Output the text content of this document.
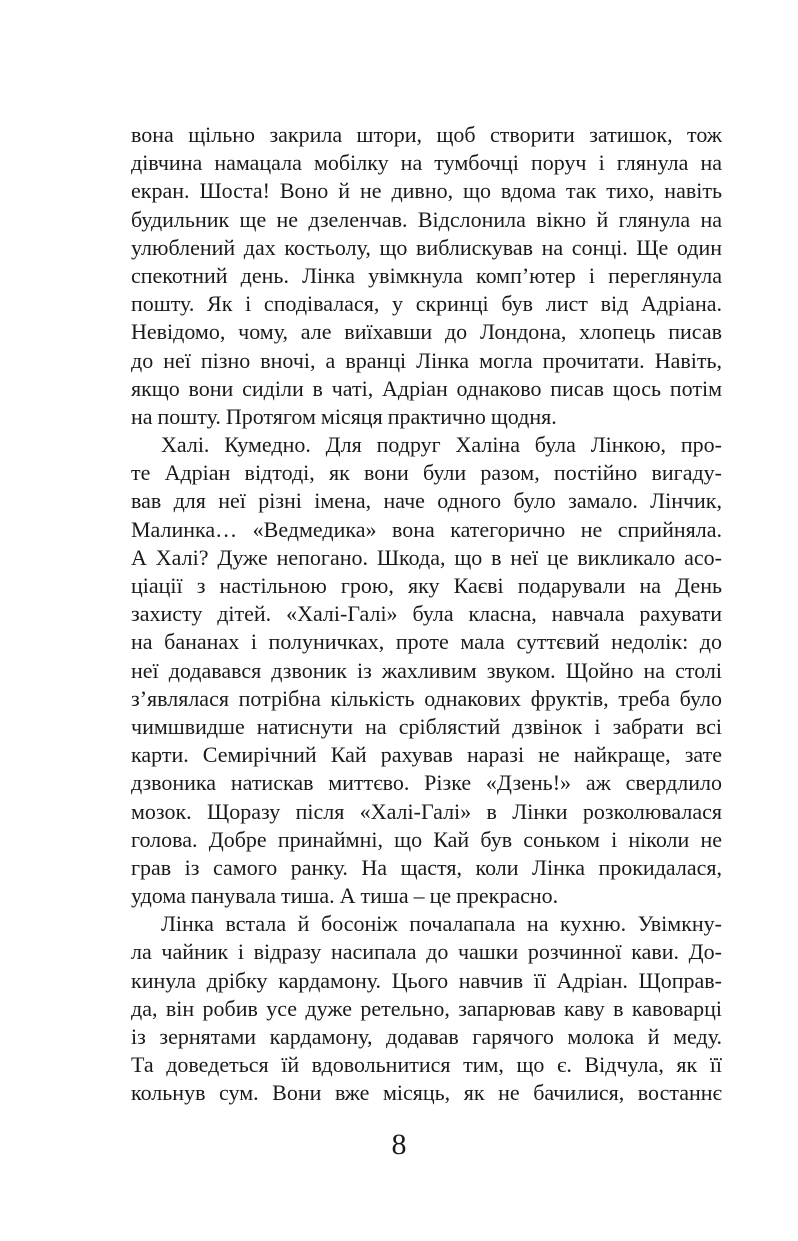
вона щільно закрила штори, щоб створити затишок, тож
дівчина намацала мобілку на тумбочці поруч і глянула на
екран. Шоста! Воно й не дивно, що вдома так тихо, навіть
будильник ще не дзеленчав. Відслонила вікно й глянула на
улюблений дах костьолу, що виблискував на сонці. Ще один
спекотний день. Лінка увімкнула комп’ютер і переглянула
пошту. Як і сподівалася, у скринці був лист від Адріана.
Невідомо, чому, але виїхавши до Лондона, хлопець писав
до неї пізно вночі, а вранці Лінка могла прочитати. Навіть,
якщо вони сиділи в чаті, Адріан однаково писав щось потім
на пошту. Протягом місяця практично щодня.
Халі. Кумедно. Для подруг Халіна була Лінкою, про-
те Адріан відтоді, як вони були разом, постійно вигаду-
вав для неї різні імена, наче одного було замало. Лінчик,
Малинка… «Ведмедика» вона категорично не сприйняла.
А Халі? Дуже непогано. Шкода, що в неї це викликало асо-
ціації з настільною грою, яку Каєві подарували на День
захисту дітей. «Халі-Галі» була класна, навчала рахувати
на бананах і полуничках, проте мала суттєвий недолік: до
неї додавався дзвоник із жахливим звуком. Щойно на столі
з’являлася потрібна кількість однакових фруктів, треба було
чимшвидше натиснути на сріблястий дзвінок і забрати всі
карти. Семирічний Кай рахував наразі не найкраще, зате
дзвоника натискав миттєво. Різке «Дзень!» аж свердлило
мозок. Щоразу після «Халі-Галі» в Лінки розколювалася
голова. Добре принаймні, що Кай був соньком і ніколи не
грав із самого ранку. На щастя, коли Лінка прокидалася,
удома панувала тиша. А тиша – це прекрасно.
Лінка встала й босоніж почалапала на кухню. Увімкну-
ла чайник і відразу насипала до чашки розчинної кави. До-
кинула дрібку кардамону. Цього навчив її Адріан. Щоправ-
да, він робив усе дуже ретельно, запарював каву в кавоварці
із зернятами кардамону, додавав гарячого молока й меду.
Та доведеться їй вдовольнитися тим, що є. Відчула, як її
кольнув сум. Вони вже місяць, як не бачилися, востаннє
8
